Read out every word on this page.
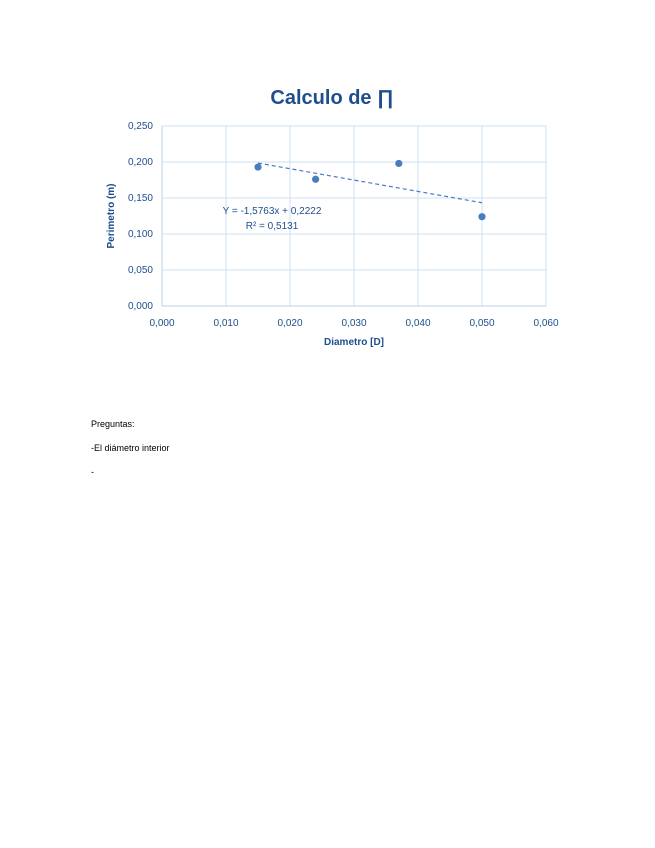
0,000
0,050
0,100
0,150
0,200
0,250
0,000	0,010	0,020	0,030	0,040	0,050	0,060
Calculo de ∏
Diametro [D]
Perimetro (m)	Y = -1,5763x + 0,2222
R² = 0,5131

Preguntas:

-El diámetro interior

-
